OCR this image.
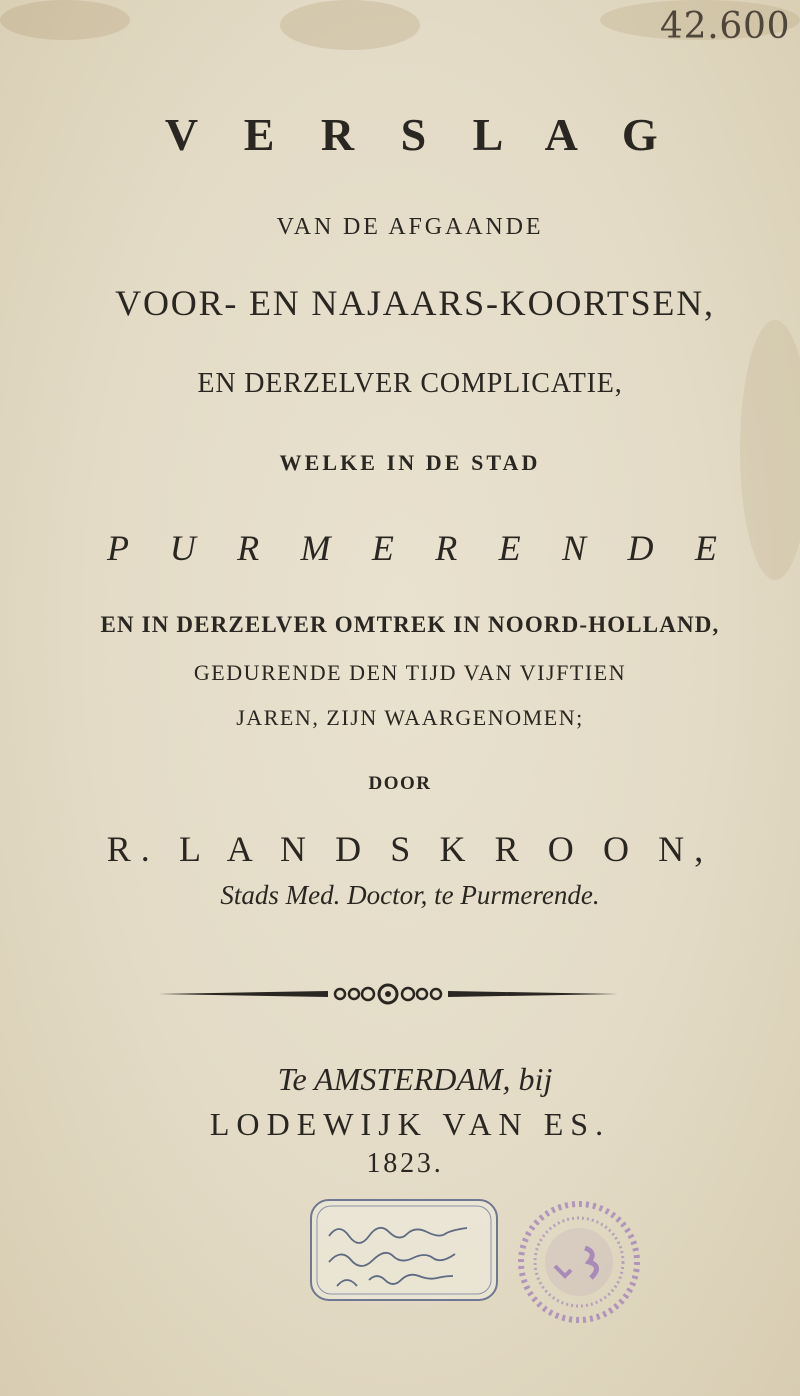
42.600
V E R S L A G
VAN DE AFGAANDE
VOOR- EN NAJAARS-KOORTSEN,
EN DERZELVER COMPLICATIE,
WELKE IN DE STAD
P U R M E R E N D E
EN IN DERZELVER OMTREK IN NOORD-HOLLAND,
GEDURENDE DEN TIJD VAN VIJFTIEN
JAREN, ZIJN WAARGENOMEN;
DOOR
R. L A N D S K R O O N,
Stads Med. Doctor, te Purmerende.
Te AMSTERDAM, bij
LODEWIJK VAN ES.
1823.
